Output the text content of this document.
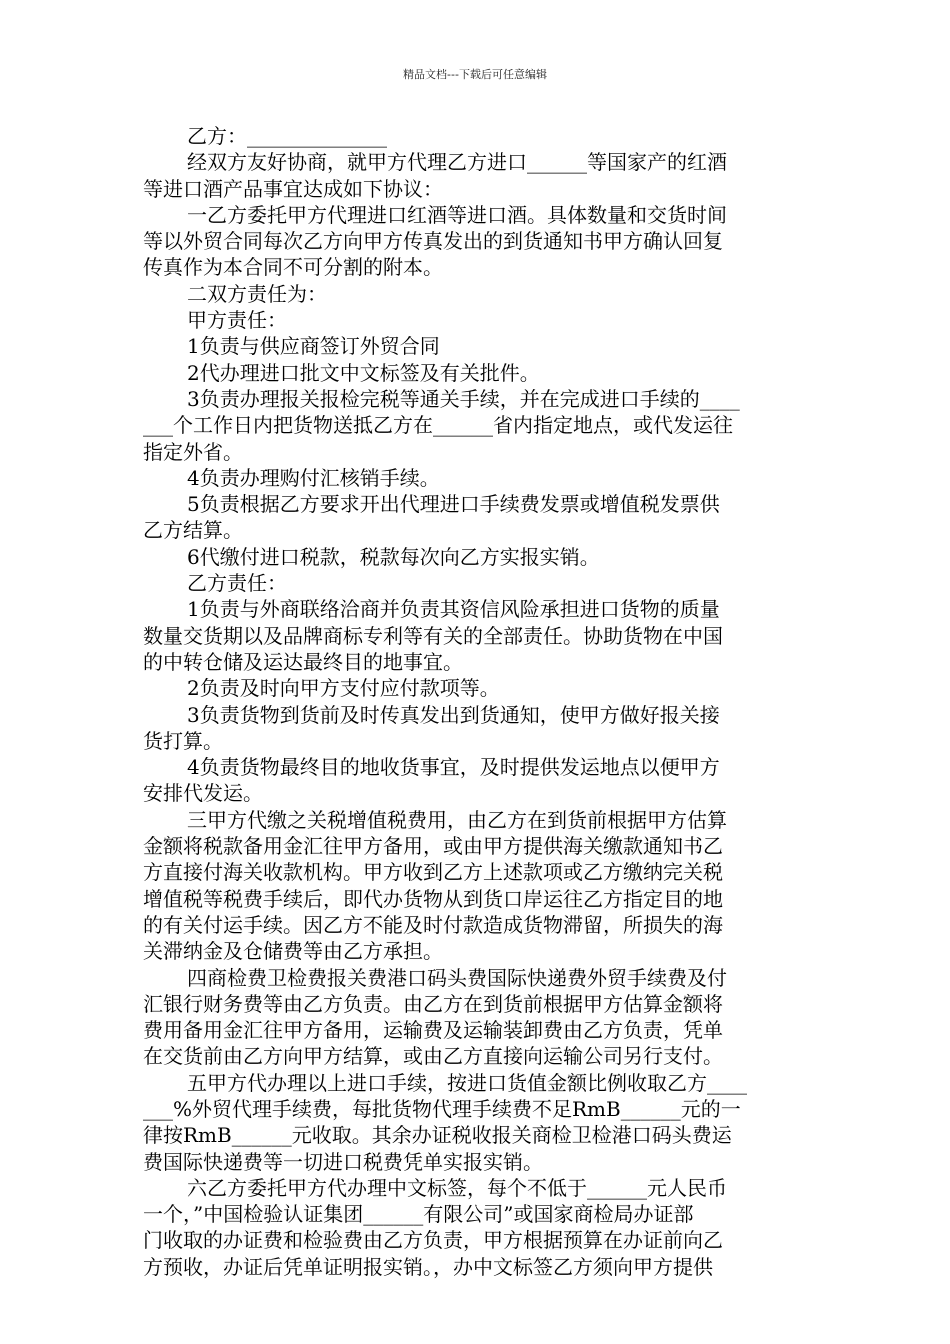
精品文档---下载后可任意编辑
乙方：______________
经双方友好协商，就甲方代理乙方进口______等国家产的红酒
等进口酒产品事宜达成如下协议：
一乙方委托甲方代理进口红酒等进口酒。具体数量和交货时间
等以外贸合同每次乙方向甲方传真发出的到货通知书甲方确认回复
传真作为本合同不可分割的附本。
二双方责任为：
甲方责任：
1负责与供应商签订外贸合同
2代办理进口批文中文标签及有关批件。
3负责办理报关报检完税等通关手续，并在完成进口手续的____
___个工作日内把货物送抵乙方在______省内指定地点，或代发运往
指定外省。
4负责办理购付汇核销手续。
5负责根据乙方要求开出代理进口手续费发票或增值税发票供
乙方结算。
6代缴付进口税款，税款每次向乙方实报实销。
乙方责任：
1负责与外商联络洽商并负责其资信风险承担进口货物的质量
数量交货期以及品牌商标专利等有关的全部责任。协助货物在中国
的中转仓储及运达最终目的地事宜。
2负责及时向甲方支付应付款项等。
3负责货物到货前及时传真发出到货通知，使甲方做好报关接
货打算。
4负责货物最终目的地收货事宜，及时提供发运地点以便甲方
安排代发运。
三甲方代缴之关税增值税费用，由乙方在到货前根据甲方估算
金额将税款备用金汇往甲方备用，或由甲方提供海关缴款通知书乙
方直接付海关收款机构。甲方收到乙方上述款项或乙方缴纳完关税
增值税等税费手续后，即代办货物从到货口岸运往乙方指定目的地
的有关付运手续。因乙方不能及时付款造成货物滞留，所损失的海
关滞纳金及仓储费等由乙方承担。
四商检费卫检费报关费港口码头费国际快递费外贸手续费及付
汇银行财务费等由乙方负责。由乙方在到货前根据甲方估算金额将
费用备用金汇往甲方备用，运输费及运输装卸费由乙方负责，凭单
在交货前由乙方向甲方结算，或由乙方直接向运输公司另行支付。
五甲方代办理以上进口手续，按进口货值金额比例收取乙方____
___%外贸代理手续费，每批货物代理手续费不足RmB______元的一
律按RmB______元收取。其余办证税收报关商检卫检港口码头费运
费国际快递费等一切进口税费凭单实报实销。
六乙方委托甲方代办理中文标签，每个不低于______元人民币
一个，”中国检验认证集团______有限公司”或国家商检局办证部
门收取的办证费和检验费由乙方负责，甲方根据预算在办证前向乙
方预收，办证后凭单证明报实销。，办中文标签乙方须向甲方提供
